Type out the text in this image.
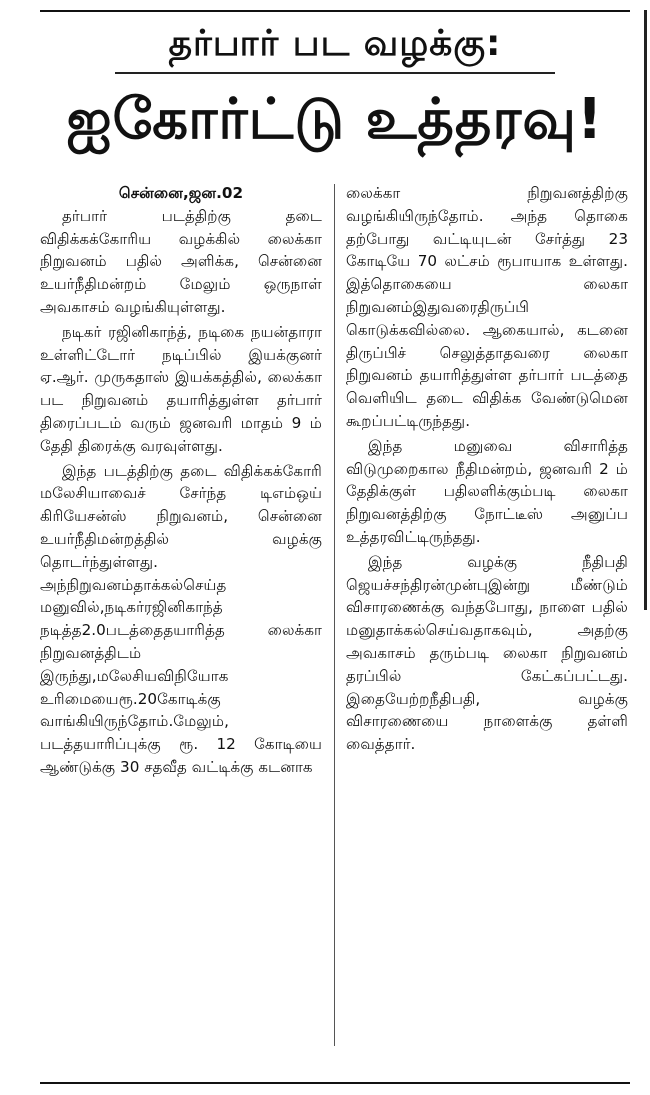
தர்பார் பட வழக்கு:
ஐகோர்ட்டு உத்தரவு!
சென்னை,ஜன.02

தர்பார் படத்திற்கு தடை விதிக்கக்கோரிய வழக்கில் லைக்கா நிறுவனம் பதில் அளிக்க, சென்னை உயர்நீதிமன்றம் மேலும் ஒருநாள் அவகாசம் வழங்கியுள்ளது.

நடிகர் ரஜினிகாந்த், நடிகை நயன்தாரா உள்ளிட்டோர் நடிப்பில் இயக்குனர் ஏ.ஆர். முருகதாஸ் இயக்கத்தில், லைக்கா பட நிறுவனம் தயாரித்துள்ள தர்பார் திரைப்படம் வரும் ஜனவரி மாதம் 9 ம் தேதி திரைக்கு வரவுள்ளது.

இந்த படத்திற்கு தடை விதிக்கக்கோரி மலேசியாவைச் சேர்ந்த டிஎம்ஒய் கிரியேசன்ஸ் நிறுவனம், சென்னை உயர்நீதிமன்றத்தில் வழக்கு தொடர்ந்துள்ளது. அந்நிறுவனம்தாக்கல்செய்த மனுவில்,நடிகர்ரஜினிகாந்த் நடித்த2.0படத்தைதயாரித்த லைக்கா நிறுவனத்திடம் இருந்து,மலேசியவிநியோக உரிமையைரூ.20கோடிக்கு வாங்கியிருந்தோம்.மேலும், படத்தயாரிப்புக்கு ரூ. 12 கோடியை ஆண்டுக்கு 30 சதவீத வட்டிக்கு கடனாக

லைக்கா நிறுவனத்திற்கு வழங்கியிருந்தோம். அந்த தொகை தற்போது வட்டியுடன் சேர்த்து 23 கோடியே 70 லட்சம் ரூபாயாக உள்ளது. இத்தொகையை லைகா நிறுவனம்இதுவரைதிருப்பி கொடுக்கவில்லை. ஆகையால், கடனை திருப்பிச் செலுத்தாதவரை லைகா நிறுவனம் தயாரித்துள்ள தர்பார் படத்தை வெளியிட தடை விதிக்க வேண்டுமென கூறப்பட்டிருந்தது.

இந்த மனுவை விசாரித்த விடுமுறைகால நீதிமன்றம், ஜனவரி 2 ம் தேதிக்குள் பதிலளிக்கும்படி லைகா நிறுவனத்திற்கு நோட்டீஸ் அனுப்ப உத்தரவிட்டிருந்தது.

இந்த வழக்கு நீதிபதி ஜெயச்சந்திரன்முன்புஇன்று மீண்டும் விசாரணைக்கு வந்தபோது, நாளை பதில் மனுதாக்கல்செய்வதாகவும், அதற்கு அவகாசம் தரும்படி லைகா நிறுவனம் தரப்பில் கேட்கப்பட்டது. இதையேற்றநீதிபதி, வழக்கு விசாரணையை நாளைக்கு தள்ளி வைத்தார்.
